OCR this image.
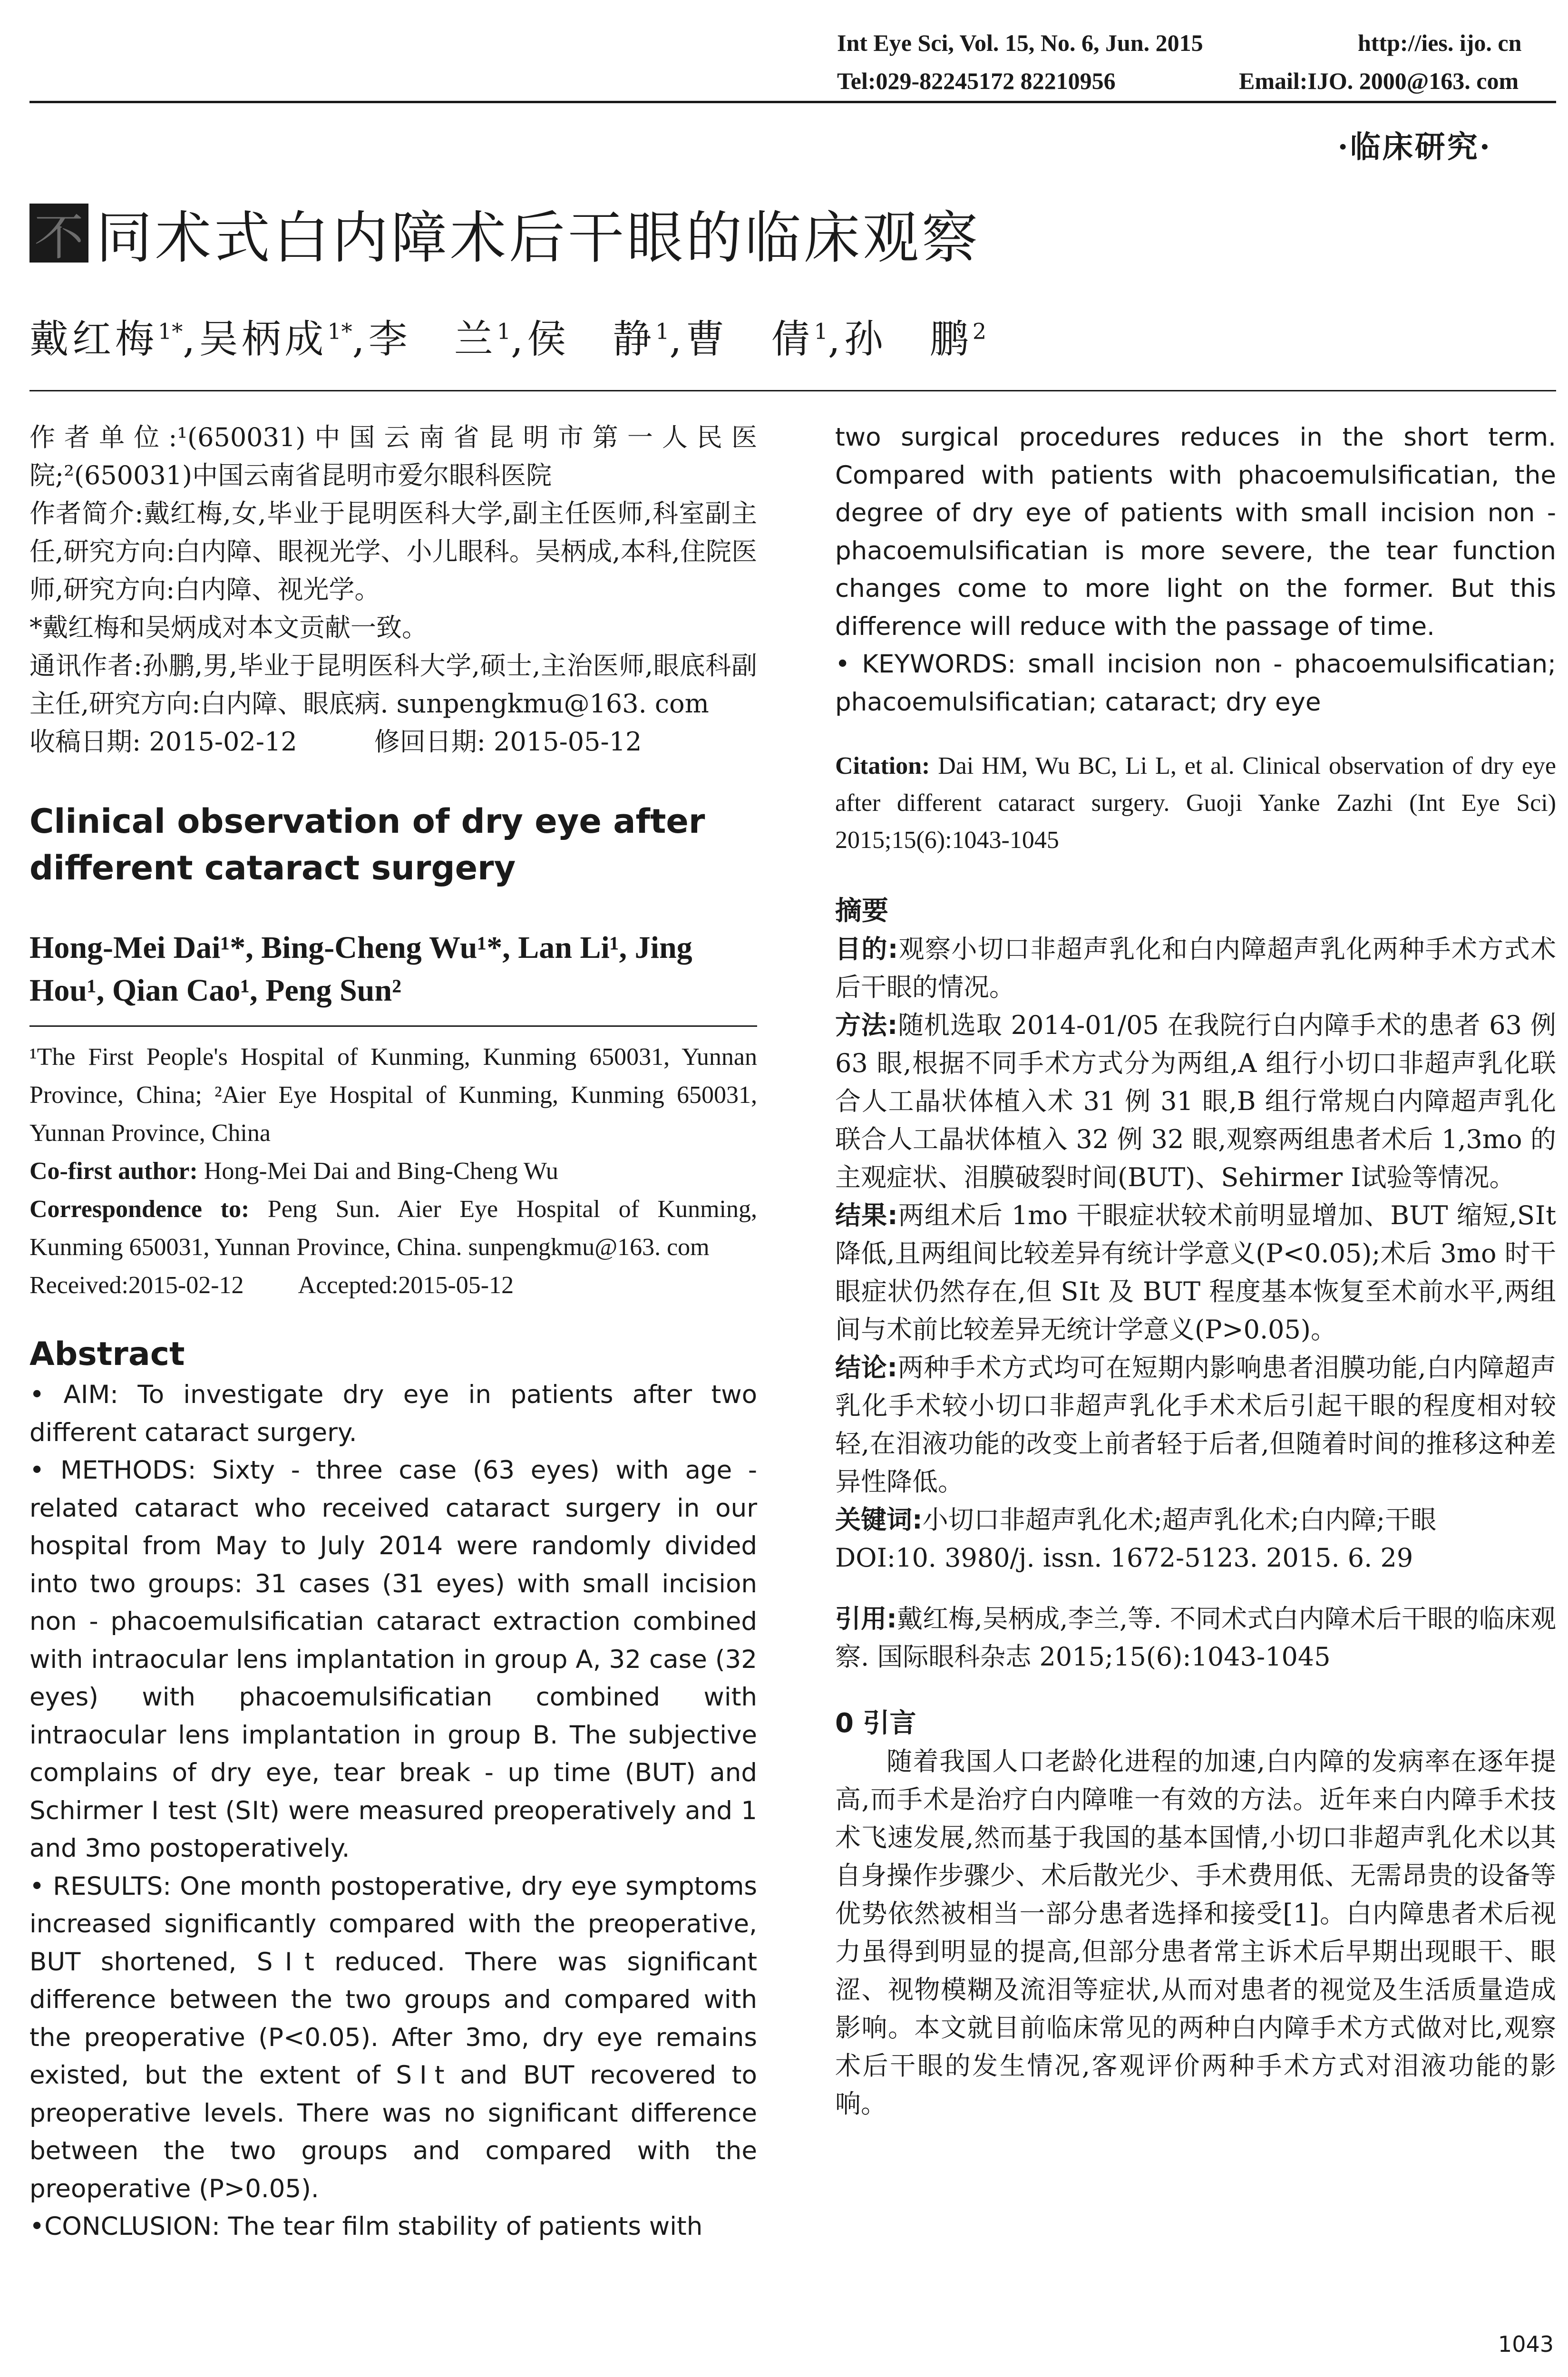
Int Eye Sci, Vol. 15, No. 6, Jun. 2015	http://ies. ijo. cn
Tel:029-82245172 82210956	Email:IJO. 2000@163. com
·临床研究·
不 同术式白内障术后干眼的临床观察
戴红梅$^{1*}$,吴柄成$^{1*}$,李　兰$^1$,侯　静$^1$,曹　倩$^1$,孙　鹏$^2$

作者单位:¹(650031)中国云南省昆明市第一人民医院;²(650031)中国云南省昆明市爱尔眼科医院

作者简介:戴红梅,女,毕业于昆明医科大学,副主任医师,科室副主任,研究方向:白内障、眼视光学、小儿眼科。吴柄成,本科,住院医师,研究方向:白内障、视光学。

*戴红梅和吴炳成对本文贡献一致。

通讯作者:孙鹏,男,毕业于昆明医科大学,硕士,主治医师,眼底科副主任,研究方向:白内障、眼底病. sunpengkmu@163. com

收稿日期: 2015-02-12　　　修回日期: 2015-05-12

Clinical observation of dry eye after different cataract surgery

Hong-Mei Dai¹*, Bing-Cheng Wu¹*, Lan Li¹, Jing Hou¹, Qian Cao¹, Peng Sun²

¹The First People's Hospital of Kunming, Kunming 650031, Yunnan Province, China; ²Aier Eye Hospital of Kunming, Kunming 650031, Yunnan Province, China

Co-first author: Hong-Mei Dai and Bing-Cheng Wu

Correspondence to: Peng Sun. Aier Eye Hospital of Kunming, Kunming 650031, Yunnan Province, China. sunpengkmu@163. com

Received:2015-02-12　　 Accepted:2015-05-12

Abstract

• AIM: To investigate dry eye in patients after two different cataract surgery.

• METHODS: Sixty - three case (63 eyes) with age - related cataract who received cataract surgery in our hospital from May to July 2014 were randomly divided into two groups: 31 cases (31 eyes) with small incision non - phacoemulsificatian cataract extraction combined with intraocular lens implantation in group A, 32 case (32 eyes) with phacoemulsificatian combined with intraocular lens implantation in group B. The subjective complains of dry eye, tear break - up time (BUT) and Schirmer Ⅰ test (SⅠt) were measured preoperatively and 1 and 3mo postoperatively.

• RESULTS: One month postoperative, dry eye symptoms increased significantly compared with the preoperative, BUT shortened, SⅠt reduced. There was significant difference between the two groups and compared with the preoperative (P<0.05). After 3mo, dry eye remains existed, but the extent of SⅠt and BUT recovered to preoperative levels. There was no significant difference between the two groups and compared with the preoperative (P>0.05).

•CONCLUSION: The tear film stability of patients with

two surgical procedures reduces in the short term. Compared with patients with phacoemulsificatian, the degree of dry eye of patients with small incision non - phacoemulsificatian is more severe, the tear function changes come to more light on the former. But this difference will reduce with the passage of time.

• KEYWORDS: small incision non - phacoemulsificatian; phacoemulsificatian; cataract; dry eye

Citation: Dai HM, Wu BC, Li L, et al. Clinical observation of dry eye after different cataract surgery. Guoji Yanke Zazhi (Int Eye Sci) 2015;15(6):1043-1045

摘要

目的:观察小切口非超声乳化和白内障超声乳化两种手术方式术后干眼的情况。

方法:随机选取 2014-01/05 在我院行白内障手术的患者 63 例 63 眼,根据不同手术方式分为两组,A 组行小切口非超声乳化联合人工晶状体植入术 31 例 31 眼,B 组行常规白内障超声乳化联合人工晶状体植入 32 例 32 眼,观察两组患者术后 1,3mo 的主观症状、泪膜破裂时间(BUT)、Sehirmer Ⅰ试验等情况。

结果:两组术后 1mo 干眼症状较术前明显增加、BUT 缩短,SⅠt 降低,且两组间比较差异有统计学意义(P<0.05);术后 3mo 时干眼症状仍然存在,但 SⅠt 及 BUT 程度基本恢复至术前水平,两组间与术前比较差异无统计学意义(P>0.05)。

结论:两种手术方式均可在短期内影响患者泪膜功能,白内障超声乳化手术较小切口非超声乳化手术术后引起干眼的程度相对较轻,在泪液功能的改变上前者轻于后者,但随着时间的推移这种差异性降低。

关键词:小切口非超声乳化术;超声乳化术;白内障;干眼

DOI:10. 3980/j. issn. 1672-5123. 2015. 6. 29

引用:戴红梅,吴柄成,李兰,等. 不同术式白内障术后干眼的临床观察. 国际眼科杂志 2015;15(6):1043-1045

0 引言

随着我国人口老龄化进程的加速,白内障的发病率在逐年提高,而手术是治疗白内障唯一有效的方法。近年来白内障手术技术飞速发展,然而基于我国的基本国情,小切口非超声乳化术以其自身操作步骤少、术后散光少、手术费用低、无需昂贵的设备等优势依然被相当一部分患者选择和接受[1]。白内障患者术后视力虽得到明显的提高,但部分患者常主诉术后早期出现眼干、眼涩、视物模糊及流泪等症状,从而对患者的视觉及生活质量造成影响。本文就目前临床常见的两种白内障手术方式做对比,观察术后干眼的发生情况,客观评价两种手术方式对泪液功能的影响。

1043
